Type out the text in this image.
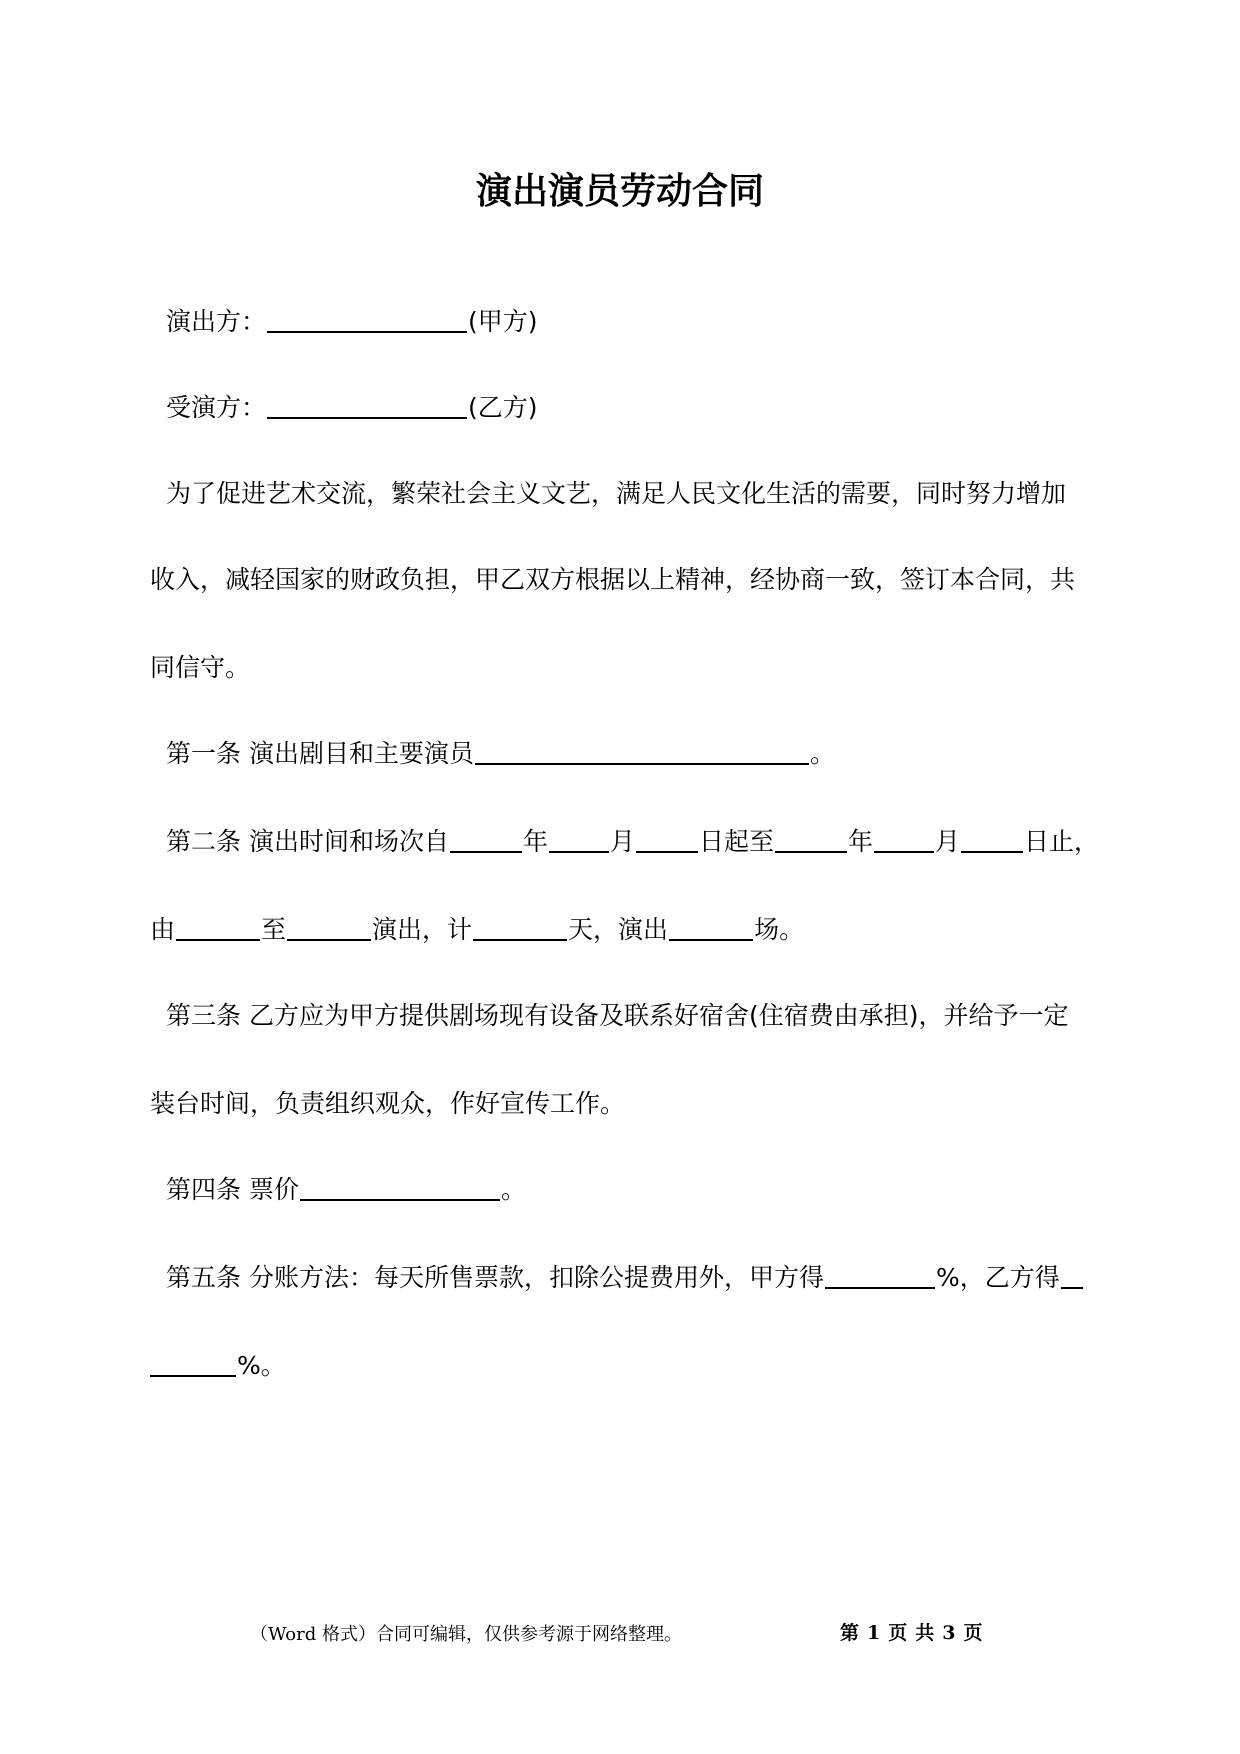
演出演员劳动合同
演出方：	(甲方)
受演方：	(乙方)
为了促进艺术交流，繁荣社会主义文艺，满足人民文化生活的需要，同时努力增加
收入，减轻国家的财政负担，甲乙双方根据以上精神，经协商一致，签订本合同，共
同信守。
第一条 演出剧目和主要演员	。
第二条 演出时间和场次自	年 月	日起至	年 月	日止，
由	至	演出，计	天，演出	场。
第三条 乙方应为甲方提供剧场现有设备及联系好宿舍(住宿费由承担)，并给予一定
装台时间，负责组织观众，作好宣传工作。
第四条 票价	。
第五条 分账方法：每天所售票款，扣除公提费用外，甲方得	%，乙方得
%。
（Word 格式）合同可编辑，仅供参考源于网络整理。	第 1 页 共 3 页
